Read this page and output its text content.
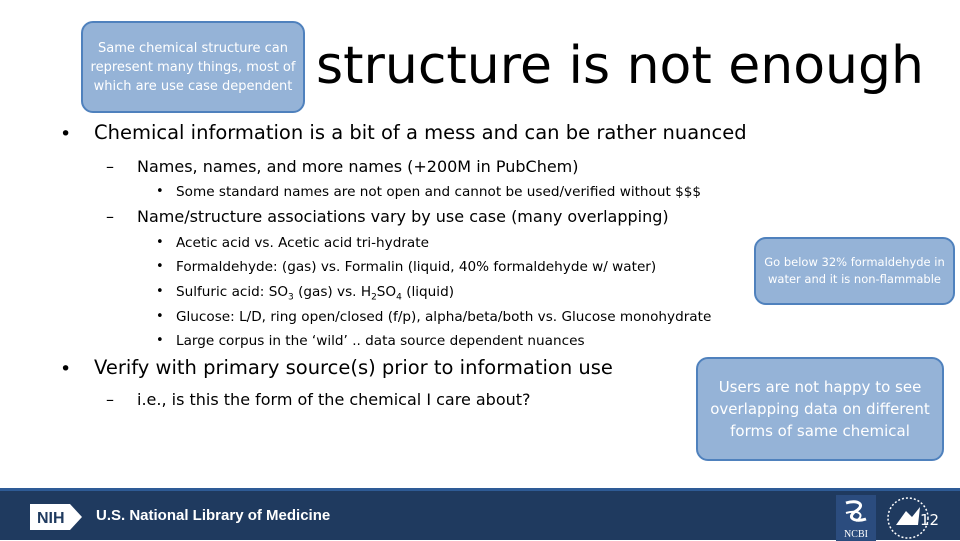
structure is not enough
Same chemical structure can represent many things, most of which are use case dependent
• Chemical information is a bit of a mess and can be rather nuanced
– Names, names, and more names (+200M in PubChem)
• Some standard names are not open and cannot be used/verified without $$$
– Name/structure associations vary by use case (many overlapping)
• Acetic acid vs. Acetic acid tri-hydrate
• Formaldehyde: (gas) vs. Formalin (liquid, 40% formaldehyde w/ water)
• Sulfuric acid: $SO_3$ (gas) vs. $H_2SO_4$ (liquid)
• Glucose: L/D, ring open/closed (f/p), alpha/beta/both vs. Glucose monohydrate
• Large corpus in the ‘wild’ .. data source dependent nuances
• Verify with primary source(s) prior to information use
– i.e., is this the form of the chemical I care about?
Go below 32% formaldehyde in water and it is non-flammable
Users are not happy to see overlapping data on different forms of same chemical
NIH U.S. National Library of Medicine
NCBI
12
